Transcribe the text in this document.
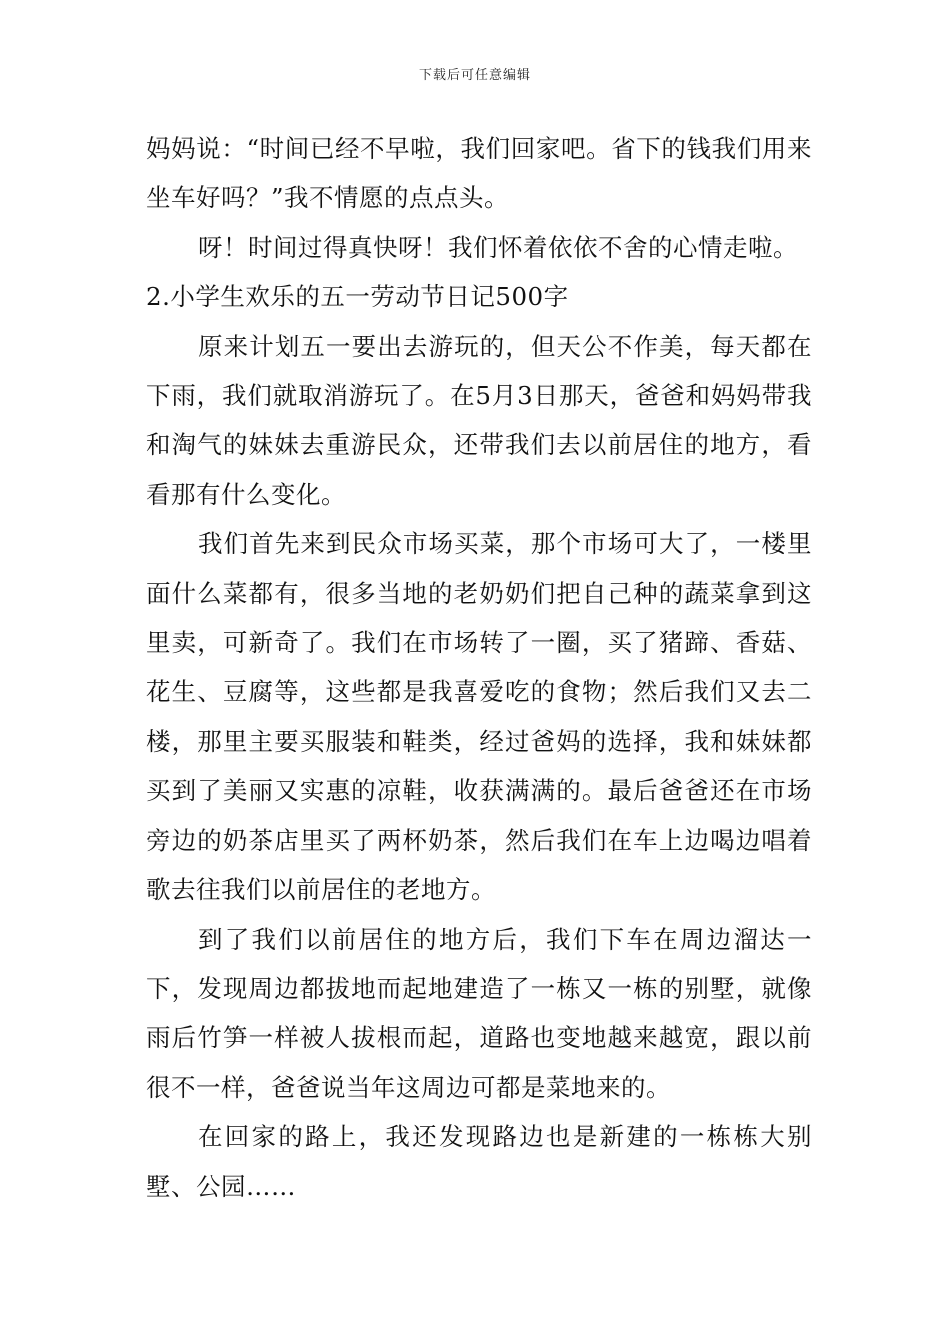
下载后可任意编辑

妈妈说：“时间已经不早啦，我们回家吧。省下的钱我们用来坐车好吗？”我不情愿的点点头。

呀！时间过得真快呀！我们怀着依依不舍的心情走啦。

2.小学生欢乐的五一劳动节日记500字

原来计划五一要出去游玩的，但天公不作美，每天都在下雨，我们就取消游玩了。在5月3日那天，爸爸和妈妈带我和淘气的妹妹去重游民众，还带我们去以前居住的地方，看看那有什么变化。

我们首先来到民众市场买菜，那个市场可大了，一楼里面什么菜都有，很多当地的老奶奶们把自己种的蔬菜拿到这里卖，可新奇了。我们在市场转了一圈，买了猪蹄、香菇、花生、豆腐等，这些都是我喜爱吃的食物；然后我们又去二楼，那里主要买服装和鞋类，经过爸妈的选择，我和妹妹都买到了美丽又实惠的凉鞋，收获满满的。最后爸爸还在市场旁边的奶茶店里买了两杯奶茶，然后我们在车上边喝边唱着歌去往我们以前居住的老地方。

到了我们以前居住的地方后，我们下车在周边溜达一下，发现周边都拔地而起地建造了一栋又一栋的别墅，就像雨后竹笋一样被人拔根而起，道路也变地越来越宽，跟以前很不一样，爸爸说当年这周边可都是菜地来的。

在回家的路上，我还发现路边也是新建的一栋栋大别墅、公园……
